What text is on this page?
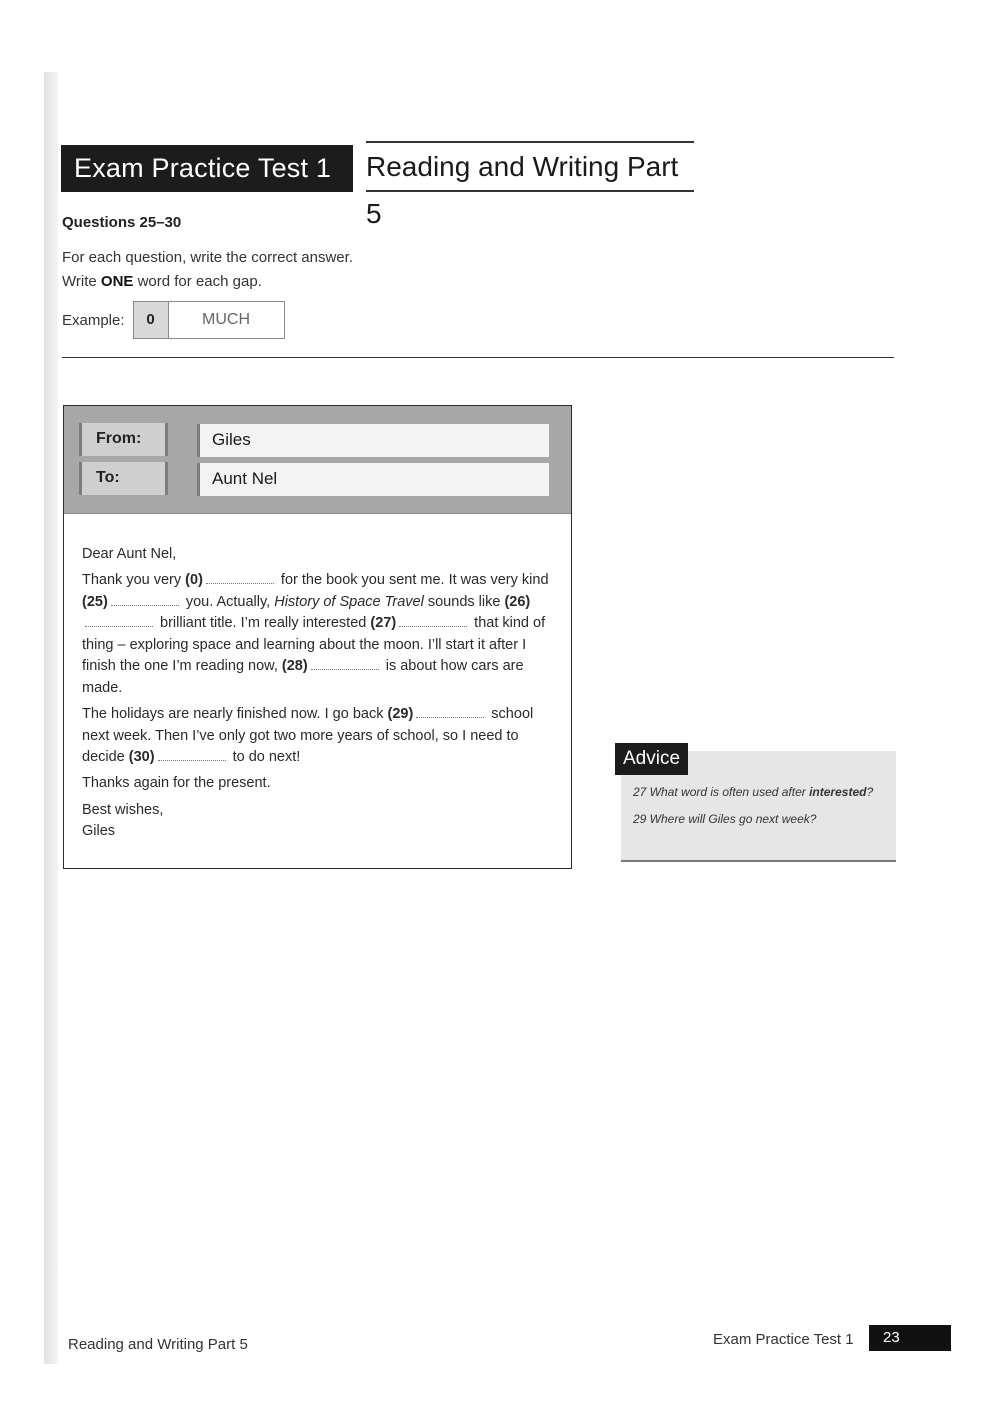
Exam Practice Test 1	Reading and Writing Part 5
Questions 25–30
For each question, write the correct answer.
Write ONE word for each gap.
Example:	0	MUCH
From:	Giles
To:	Aunt Nel

Dear Aunt Nel,

Thank you very (0)	for the book you sent me. It was very kind (25)	you. Actually, History of Space Travel sounds like (26) brilliant title. I’m really interested (27)	that kind of thing – exploring space and learning about the moon. I’ll start it after I finish the one I’m reading now, (28)	is about how cars are made.

The holidays are nearly finished now. I go back (29)	school next week. Then I’ve only got two more years of school, so I need to decide (30)	to do next!

Thanks again for the present.

Best wishes,

Giles

27 What word is often used after interested?

29 Where will Giles go next week?

Advice
Reading and Writing Part 5	Exam Practice Test 1	23
